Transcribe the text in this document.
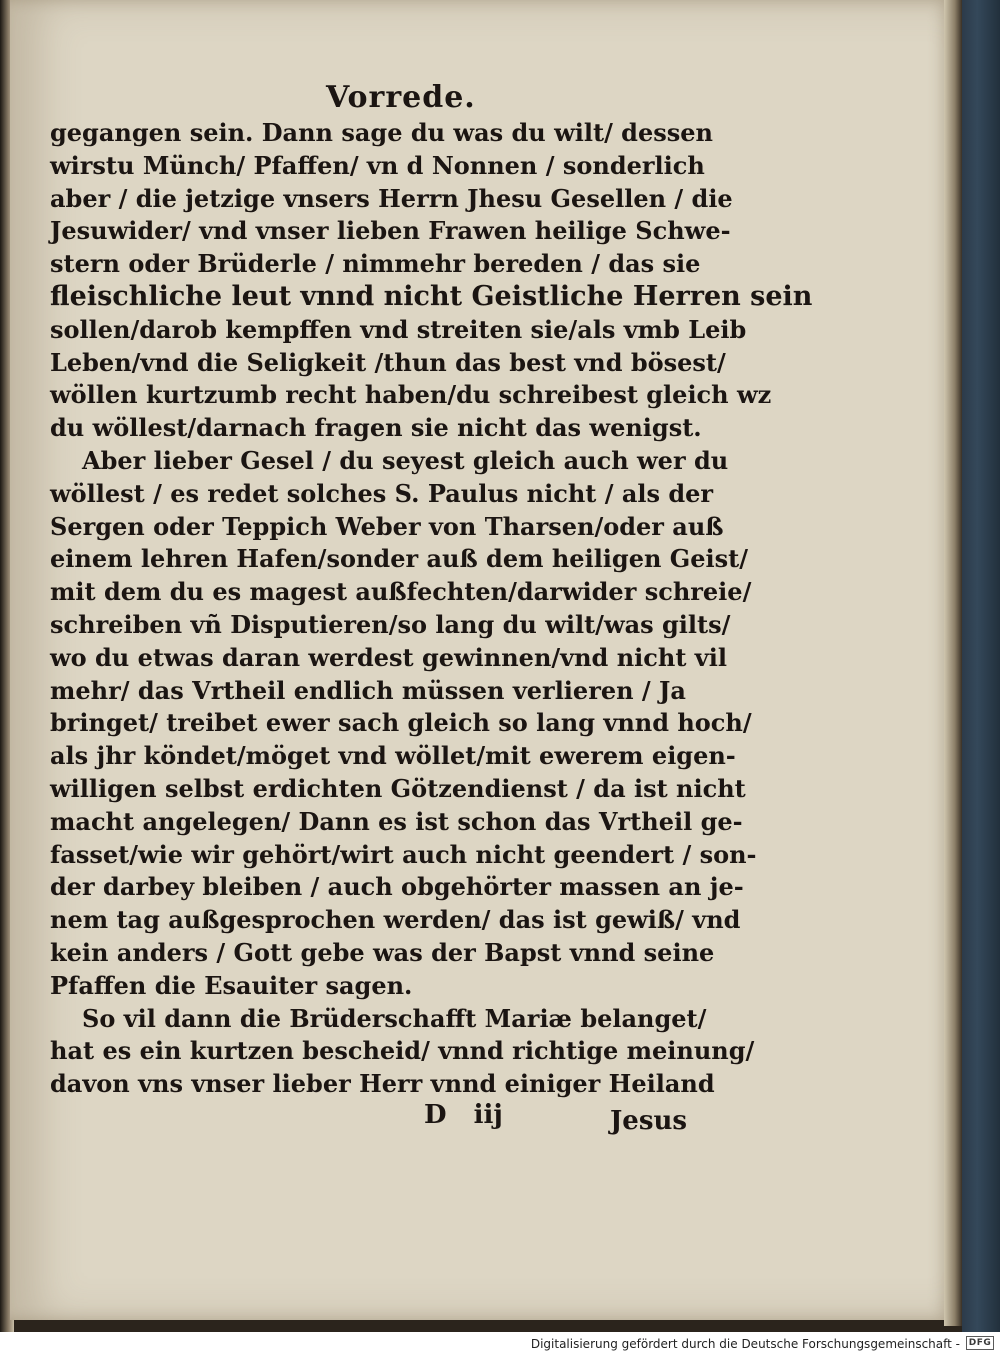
Vorrede.
gegangen sein. Dann sage du was du wilt/ dessen
wirstu Münch/ Pfaffen/ vn d Nonnen / sonderlich
aber / die jetzige vnsers Herrn Jhesu Gesellen / die
Jesuwider/ vnd vnser lieben Frawen heilige Schwe-
stern oder Brüderle / nimmehr bereden / das sie
fleischliche leut vnnd nicht Geistliche Herren sein
sollen/darob kempffen vnd streiten sie/als vmb Leib
Leben/vnd die Seligkeit /thun das best vnd bösest/
wöllen kurtzumb recht haben/du schreibest gleich wz
du wöllest/darnach fragen sie nicht das wenigst.
Aber lieber Gesel / du seyest gleich auch wer du
wöllest / es redet solches S. Paulus nicht / als der
Sergen oder Teppich Weber von Tharsen/oder auß
einem lehren Hafen/sonder auß dem heiligen Geist/
mit dem du es magest außfechten/darwider schreie/
schreiben vñ Disputieren/so lang du wilt/was gilts/
wo du etwas daran werdest gewinnen/vnd nicht vil
mehr/ das Vrtheil endlich müssen verlieren / Ja
bringet/ treibet ewer sach gleich so lang vnnd hoch/
als jhr köndet/möget vnd wöllet/mit ewerem eigen-
willigen selbst erdichten Götzendienst / da ist nicht
macht angelegen/ Dann es ist schon das Vrtheil ge-
fasset/wie wir gehört/wirt auch nicht geendert / son-
der darbey bleiben / auch obgehörter massen an je-
nem tag außgesprochen werden/ das ist gewiß/ vnd
kein anders / Gott gebe was der Bapst vnnd seine
Pfaffen die Esauiter sagen.
So vil dann die Brüderschafft Mariæ belanget/
hat es ein kurtzen bescheid/ vnnd richtige meinung/
davon vns vnser lieber Herr vnnd einiger Heiland
D iij	Jesus
Digitalisierung gefördert durch die Deutsche Forschungsgemeinschaft - DFG
